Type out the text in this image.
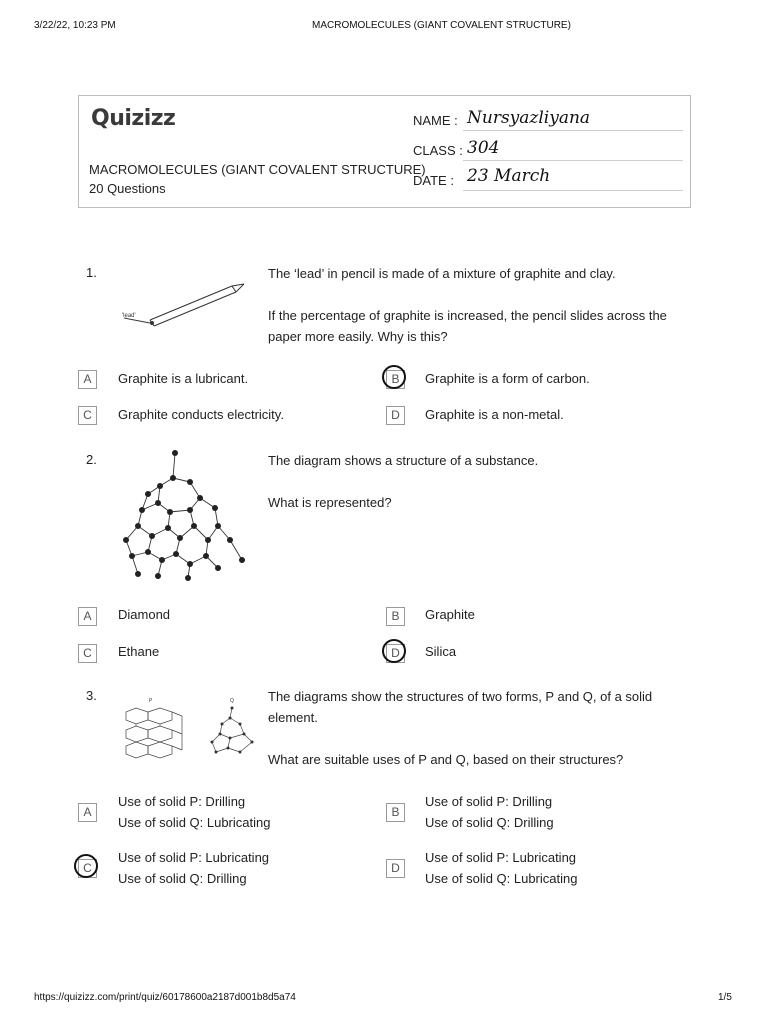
3/22/22, 10:23 PM	MACROMOLECULES (GIANT COVALENT STRUCTURE)
Quizizz
MACROMOLECULES (GIANT COVALENT STRUCTURE)
20 Questions
NAME : Nursyazliyana
CLASS : 304
DATE : 23 March
1.
'lead'
The ‘lead’ in pencil is made of a mixture of graphite and clay.
If the percentage of graphite is increased, the pencil slides across the paper more easily. Why is this?
A	Graphite is a lubricant.	B	Graphite is a form of carbon.
C	Graphite conducts electricity.	D	Graphite is a non-metal.
2.	The diagram shows a structure of a substance.
What is represented?
A	Diamond	B	Graphite
C	Ethane	D	Silica
3.	P	Q	The diagrams show the structures of two forms, P and Q, of a solid element.
What are suitable uses of P and Q, based on their structures?
A
Use of solid P: Drilling
Use of solid Q: Lubricating
B
Use of solid P: Drilling
Use of solid Q: Drilling
C
Use of solid P: Lubricating
Use of solid Q: Drilling
D
Use of solid P: Lubricating
Use of solid Q: Lubricating
https://quizizz.com/print/quiz/60178600a2187d001b8d5a74	1/5
